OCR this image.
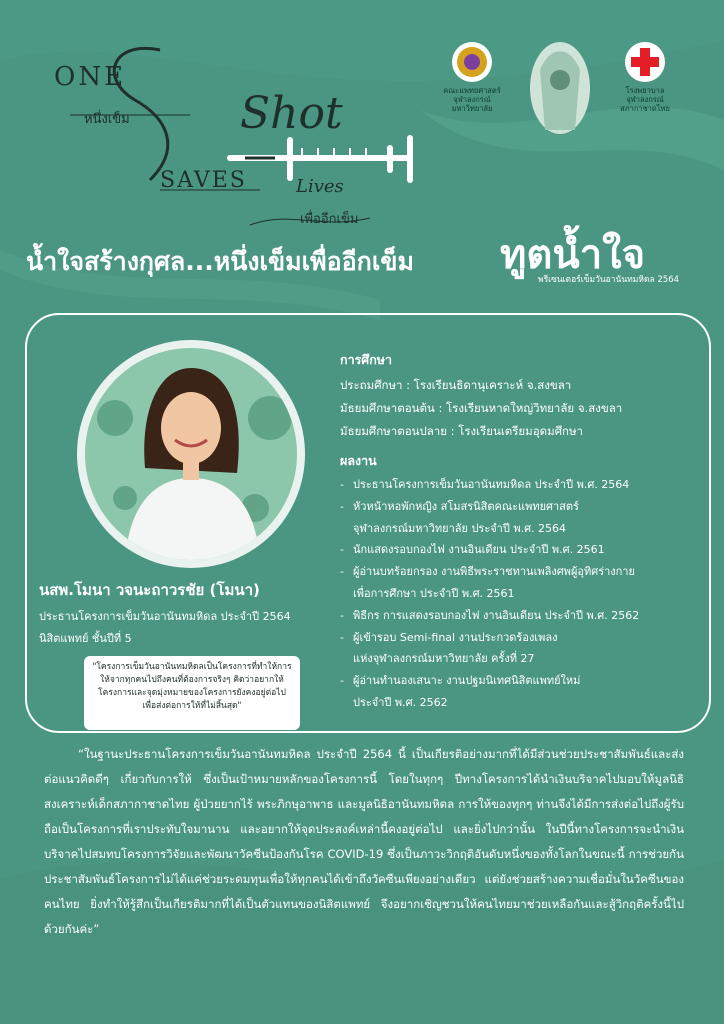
ONE
หนึ่งเข็ม	Shot
SAVES	Lives
เพื่ออีกเข็ม
คณะแพทยศาสตร์ จุฬาลงกรณ์มหาวิทยาลัย
โรงพยาบาลจุฬาลงกรณ์ สภากาชาดไทย
น้ำใจสร้างกุศล...หนึ่งเข็มเพื่ออีกเข็ม ทูตน้ำใจ
พรีเซนเตอร์เข็มวันอานันทมหิดล 2564
นสพ.โมนา วจนะถาวรชัย (โมนา)
ประธานโครงการเข็มวันอานันทมหิดล ประจำปี 2564
นิสิตแพทย์ ชั้นปีที่ 5
"โครงการเข็มวันอานันทมหิดลเป็นโครงการที่ทำให้การให้จากทุกคนไปถึงคนที่ต้องการจริงๆ คิดว่าอยากให้โครงการและจุดมุ่งหมายของโครงการยังคงอยู่ต่อไป เพื่อส่งต่อการให้ที่ไม่สิ้นสุด"
การศึกษา
ประถมศึกษา : โรงเรียนธิดานุเคราะห์ จ.สงขลา
มัธยมศึกษาตอนต้น : โรงเรียนหาดใหญ่วิทยาลัย จ.สงขลา
มัธยมศึกษาตอนปลาย : โรงเรียนเตรียมอุดมศึกษา
ผลงาน
- ประธานโครงการเข็มวันอานันทมหิดล ประจำปี พ.ศ. 2564
- หัวหน้าหอพักหญิง สโมสรนิสิตคณะแพทยศาสตร์
จุฬาลงกรณ์มหาวิทยาลัย ประจำปี พ.ศ. 2564
- นักแสดงรอบกองไฟ งานอินเดียน ประจำปี พ.ศ. 2561
- ผู้อ่านบทร้อยกรอง งานพิธีพระราชทานเพลิงศพผู้อุทิศร่างกาย
เพื่อการศึกษา ประจำปี พ.ศ. 2561
- พิธีกร การแสดงรอบกองไฟ งานอินเดียน ประจำปี พ.ศ. 2562
- ผู้เข้ารอบ Semi-final งานประกวดร้องเพลง
แห่งจุฬาลงกรณ์มหาวิทยาลัย ครั้งที่ 27
- ผู้อ่านทำนองเสนาะ งานปฐมนิเทศนิสิตแพทย์ใหม่
ประจำปี พ.ศ. 2562

“ในฐานะประธานโครงการเข็มวันอานันทมหิดล ประจำปี 2564 นี้ เป็นเกียรติอย่างมากที่ได้มีส่วนช่วยประชาสัมพันธ์และส่งต่อแนวคิดดีๆ เกี่ยวกับการให้ ซึ่งเป็นเป้าหมายหลักของโครงการนี้ โดยในทุกๆ ปีทางโครงการได้นำเงินบริจาคไปมอบให้มูลนิธิสงเคราะห์เด็กสภากาชาดไทย ผู้ป่วยยากไร้ พระภิกษุอาพาธ และมูลนิธิอานันทมหิดล การให้ของทุกๆ ท่านจึงได้มีการส่งต่อไปถึงผู้รับ ถือเป็นโครงการที่เราประทับใจมานาน และอยากให้จุดประสงค์เหล่านี้คงอยู่ต่อไป และยิ่งไปกว่านั้น ในปีนี้ทางโครงการจะนำเงินบริจาคไปสมทบโครงการวิจัยและพัฒนาวัคซีนป้องกันโรค COVID-19 ซึ่งเป็นภาวะวิกฤติอันดับหนึ่งของทั้งโลกในขณะนี้ การช่วยกันประชาสัมพันธ์โครงการไม่ได้แค่ช่วยระดมทุนเพื่อให้ทุกคนได้เข้าถึงวัคซีนเพียงอย่างเดียว แต่ยังช่วยสร้างความเชื่อมั่นในวัคซีนของคนไทย ยิ่งทำให้รู้สึกเป็นเกียรติมากที่ได้เป็นตัวแทนของนิสิตแพทย์ จึงอยากเชิญชวนให้คนไทยมาช่วยเหลือกันและสู้วิกฤติครั้งนี้ไปด้วยกันค่ะ”
